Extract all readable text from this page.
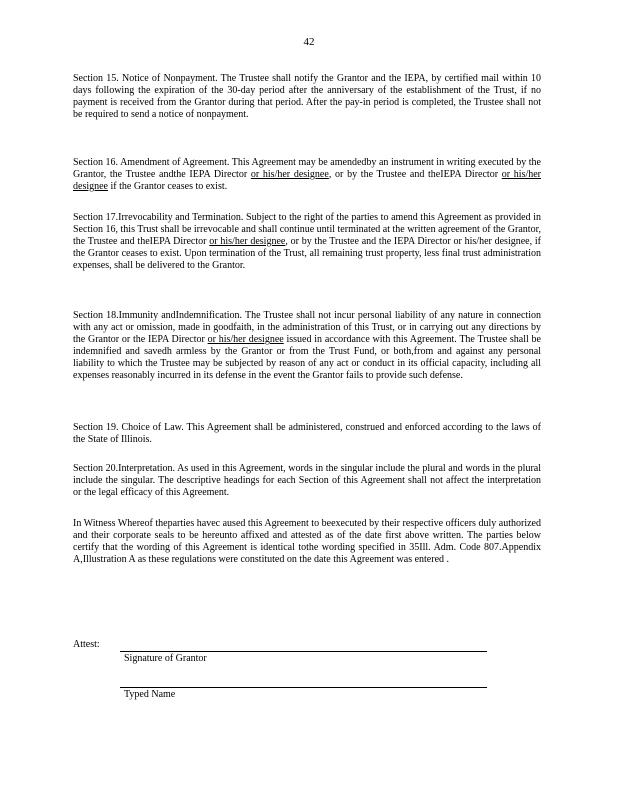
42
Section 15. Notice of Nonpayment. The Trustee shall notify the Grantor and the IEPA, by certified mail within 10 days following the expiration of the 30-day period after the anniversary of the establishment of the Trust, if no payment is received from the Grantor during that period. After the pay-in period is completed, the Trustee shall not be required to send a notice of nonpayment.
Section 16. Amendment of Agreement. This Agreement may be amendedby an instrument in writing executed by the Grantor, the Trustee andthe IEPA Director or his/her designee, or by the Trustee and theIEPA Director or his/her designee if the Grantor ceases to exist.
Section 17.Irrevocability and Termination. Subject to the right of the parties to amend this Agreement as provided in Section 16, this Trust shall be irrevocable and shall continue until terminated at the written agreement of the Grantor, the Trustee and theIEPA Director or his/her designee, or by the Trustee and the IEPA Director or his/her designee, if the Grantor ceases to exist. Upon termination of the Trust, all remaining trust property, less final trust administration expenses, shall be delivered to the Grantor.
Section 18.Immunity andIndemnification. The Trustee shall not incur personal liability of any nature in connection with any act or omission, made in goodfaith, in the administration of this Trust, or in carrying out any directions by the Grantor or the IEPA Director or his/her designee issued in accordance with this Agreement. The Trustee shall be indemnified and savedh armless by the Grantor or from the Trust Fund, or both,from and against any personal liability to which the Trustee may be subjected by reason of any act or conduct in its official capacity, including all expenses reasonably incurred in its defense in the event the Grantor fails to provide such defense.
Section 19. Choice of Law. This Agreement shall be administered, construed and enforced according to the laws of the State of Illinois.
Section 20.Interpretation. As used in this Agreement, words in the singular include the plural and words in the plural include the singular. The descriptive headings for each Section of this Agreement shall not affect the interpretation or the legal efficacy of this Agreement.
In Witness Whereof theparties havec aused this Agreement to beexecuted by their respective officers duly authorized and their corporate seals to be hereunto affixed and attested as of the date first above written. The parties below certify that the wording of this Agreement is identical tothe wording specified in 35Ill. Adm. Code 807.Appendix A,Illustration A as these regulations were constituted on the date this Agreement was entered .
Attest:
Signature of Grantor
Typed Name
